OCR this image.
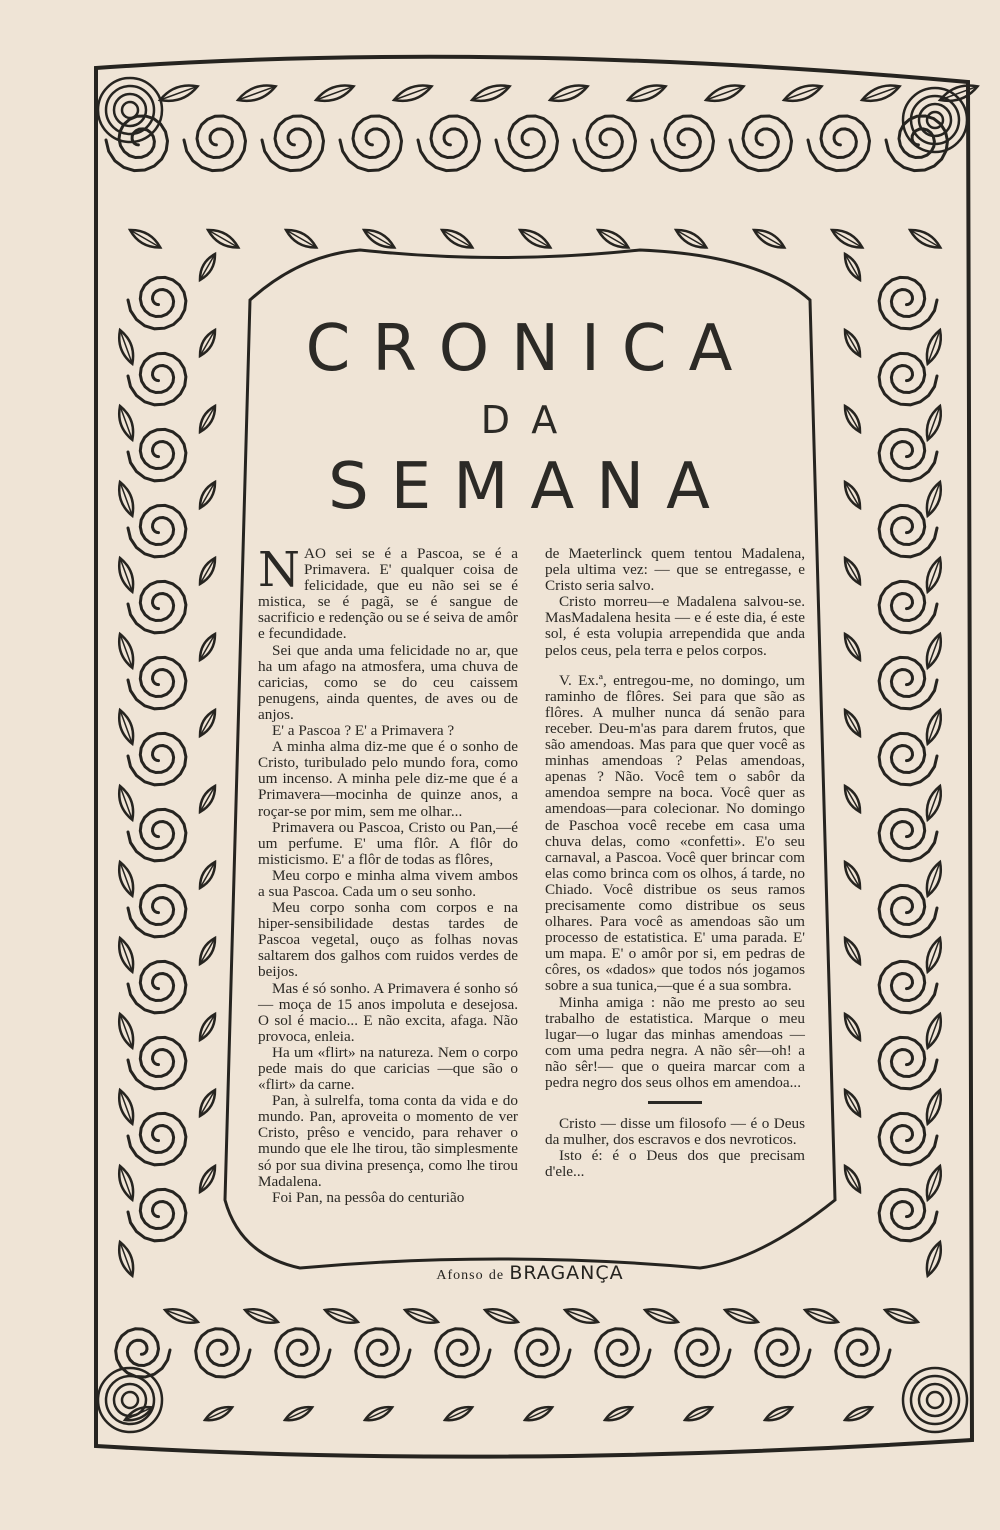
CRONICA
DA
SEMANA
N AO sei se é a Pascoa, se é a Primavera. E' qualquer coisa de felicidade, que eu não sei se é mistica, se é pagã, se é sangue de sacrificio e redenção ou se é seiva de amôr e fecundidade.

Sei que anda uma felicidade no ar, que ha um afago na atmosfera, uma chuva de caricias, como se do ceu caissem penugens, ainda quentes, de aves ou de anjos.

E' a Pascoa ? E' a Primavera ?

A minha alma diz-me que é o sonho de Cristo, turibulado pelo mundo fora, como um incenso. A minha pele diz-me que é a Primavera—mocinha de quinze anos, a roçar-se por mim, sem me olhar...

Primavera ou Pascoa, Cristo ou Pan,—é um perfume. E' uma flôr. A flôr do misticismo. E' a flôr de todas as flôres,

Meu corpo e minha alma vivem ambos a sua Pascoa. Cada um o seu sonho.

Meu corpo sonha com corpos e na hiper-sensibilidade destas tardes de Pascoa vegetal, ouço as folhas novas saltarem dos galhos com ruidos verdes de beijos.

Mas é só sonho. A Primavera é sonho só — moça de 15 anos impoluta e desejosa. O sol é macio... E não excita, afaga. Não provoca, enleia.

Ha um «flirt» na natureza. Nem o corpo pede mais do que caricias —que são o «flirt» da carne.

Pan, à sulrelfa, toma conta da vida e do mundo. Pan, aproveita o momento de ver Cristo, prêso e vencido, para rehaver o mundo que ele lhe tirou, tão simplesmente só por sua divina presença, como lhe tirou Madalena.

Foi Pan, na pessôa do centurião

de Maeterlinck quem tentou Madalena, pela ultima vez: — que se entregasse, e Cristo seria salvo.

Cristo morreu—e Madalena salvou-se. MasMadalena hesita — e é este dia, é este sol, é esta volupia arrependida que anda pelos ceus, pela terra e pelos corpos.

V. Ex.ª, entregou-me, no domingo, um raminho de flôres. Sei para que são as flôres. A mulher nunca dá senão para receber. Deu-m'as para darem frutos, que são amendoas. Mas para que quer você as minhas amendoas ? Pelas amendoas, apenas ? Não. Você tem o sabôr da amendoa sempre na boca. Você quer as amendoas—para colecionar. No domingo de Paschoa você recebe em casa uma chuva delas, como «confetti». E'o seu carnaval, a Pascoa. Você quer brincar com elas como brinca com os olhos, á tarde, no Chiado. Você distribue os seus ramos precisamente como distribue os seus olhares. Para você as amendoas são um processo de estatistica. E' uma parada. E' um mapa. E' o amôr por si, em pedras de côres, os «dados» que todos nós jogamos sobre a sua tunica,—que é a sua sombra.

Minha amiga : não me presto ao seu trabalho de estatistica. Marque o meu lugar—o lugar das minhas amendoas — com uma pedra negra. A não sêr—oh! a não sêr!— que o queira marcar com a pedra negro dos seus olhos em amendoa...

Cristo — disse um filosofo — é o Deus da mulher, dos escravos e dos nevroticos.

Isto é: é o Deus dos que precisam d'ele...

Afonso de BRAGANÇA
